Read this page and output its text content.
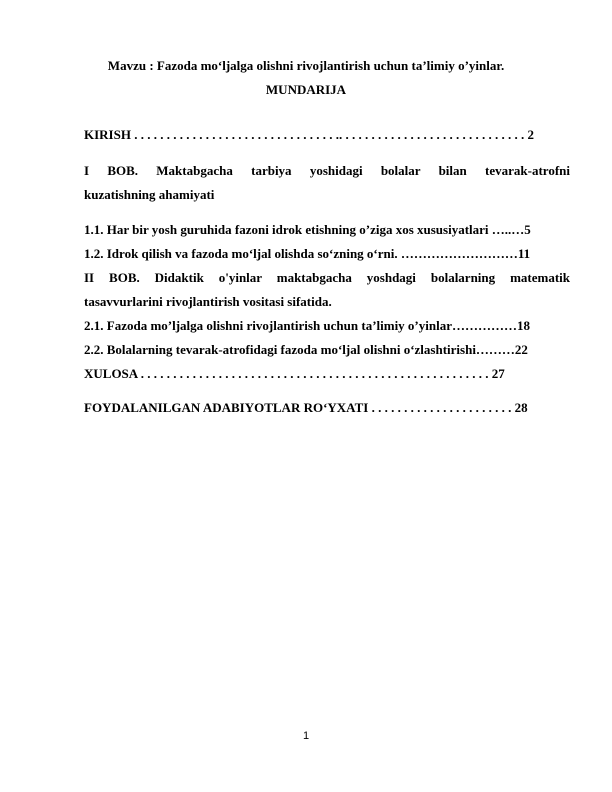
Mavzu : Fazoda mo‘ljalga olishni rivojlantirish uchun ta’limiy o’yinlar.
MUNDARIJA
KIRISH . . . . . . . . . . . . . . . . . . . . . . . . . . . . . . . .. . . . . . . . . . . . . . . . . . . . . . . . . . . . . 2
I BOB. Maktabgacha tarbiya yoshidagi bolalar bilan tevarak-atrofni
kuzatishning ahamiyati
1.1. Har bir yosh guruhida fazoni idrok etishning o’ziga xos xususiyatlari …..…5
1.2. Idrok qilish va fazoda mo‘ljal olishda so‘zning o‘rni. ………………………11
II BOB. Didaktik o'yinlar maktabgacha yoshdagi bolalarning matematik
tasavvurlarini rivojlantirish vositasi sifatida.
2.1. Fazoda mo’ljalga olishni rivojlantirish uchun ta’limiy o’yinlar……………18
2.2. Bolalarning tevarak-atrofidagi fazoda mo‘ljal olishni o‘zlashtirishi………22
XULOSA . . . . . . . . . . . . . . . . . . . . . . . . . . . . . . . . . . . . . . . . . . . . . . . . . . . . . . 27
FOYDALANILGAN ADABIYOTLAR RO‘YXATI . . . . . . . . . . . . . . . . . . . . . . 28
1
